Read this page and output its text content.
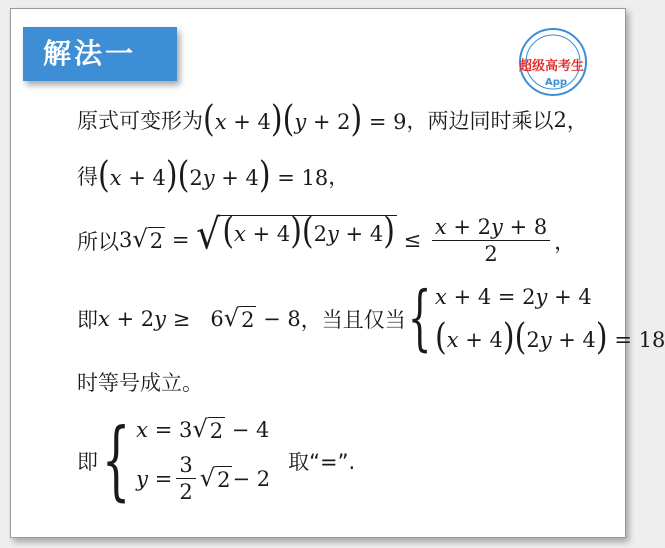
解法一	超级高考生
App
原式可变形为 (x + 4)(y + 2) = 9 ，两边同时乘以 2 ，
得 (x + 4)(2y + 4) = 18 ，
所以 3 √ 2 = √ $(x + 4)(2y + 4) \le \frac{x + 2y + 8}{2}$ ，
即 x + 2y ≥   6 √ 2 − 8 ，当且仅当 { x + 4 = 2y + 4
(x + 4)(2y + 4) = 18
时等号成立。
即 { x = 3 √ 2 − 4
$y = \frac{3}{2}$ √ 2 − 2
取“=”.
